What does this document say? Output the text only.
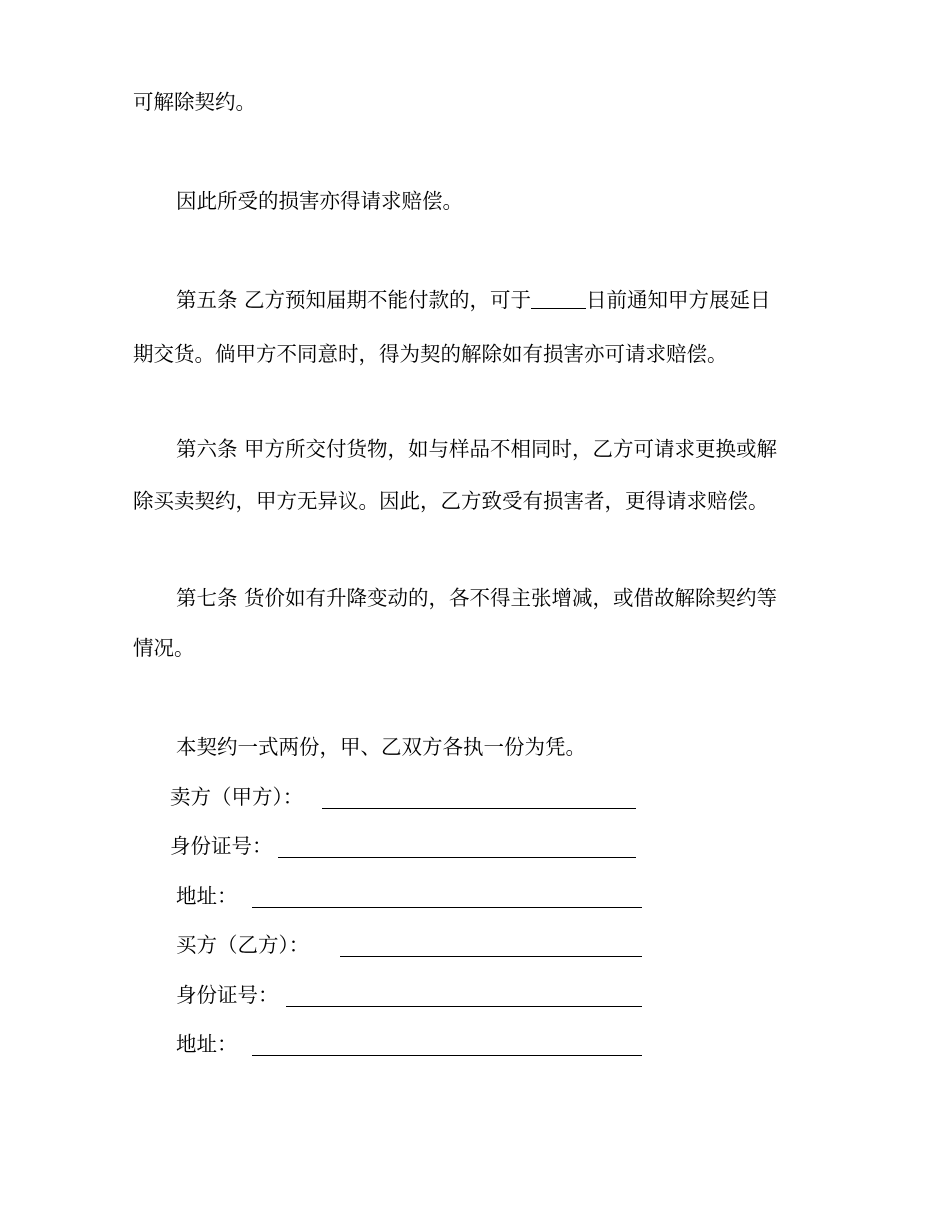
可解除契约。

因此所受的损害亦得请求赔偿。

第五条 乙方预知届期不能付款的，可于	日前通知甲方展延日

期交货。倘甲方不同意时，得为契的解除如有损害亦可请求赔偿。

第六条 甲方所交付货物，如与样品不相同时，乙方可请求更换或解

除买卖契约，甲方无异议。因此，乙方致受有损害者，更得请求赔偿。

第七条 货价如有升降变动的，各不得主张增减，或借故解除契约等

情况。

本契约一式两份，甲、乙双方各执一份为凭。

卖方（甲方）：
身份证号：
地址：
买方（乙方）：
身份证号：
地址：
